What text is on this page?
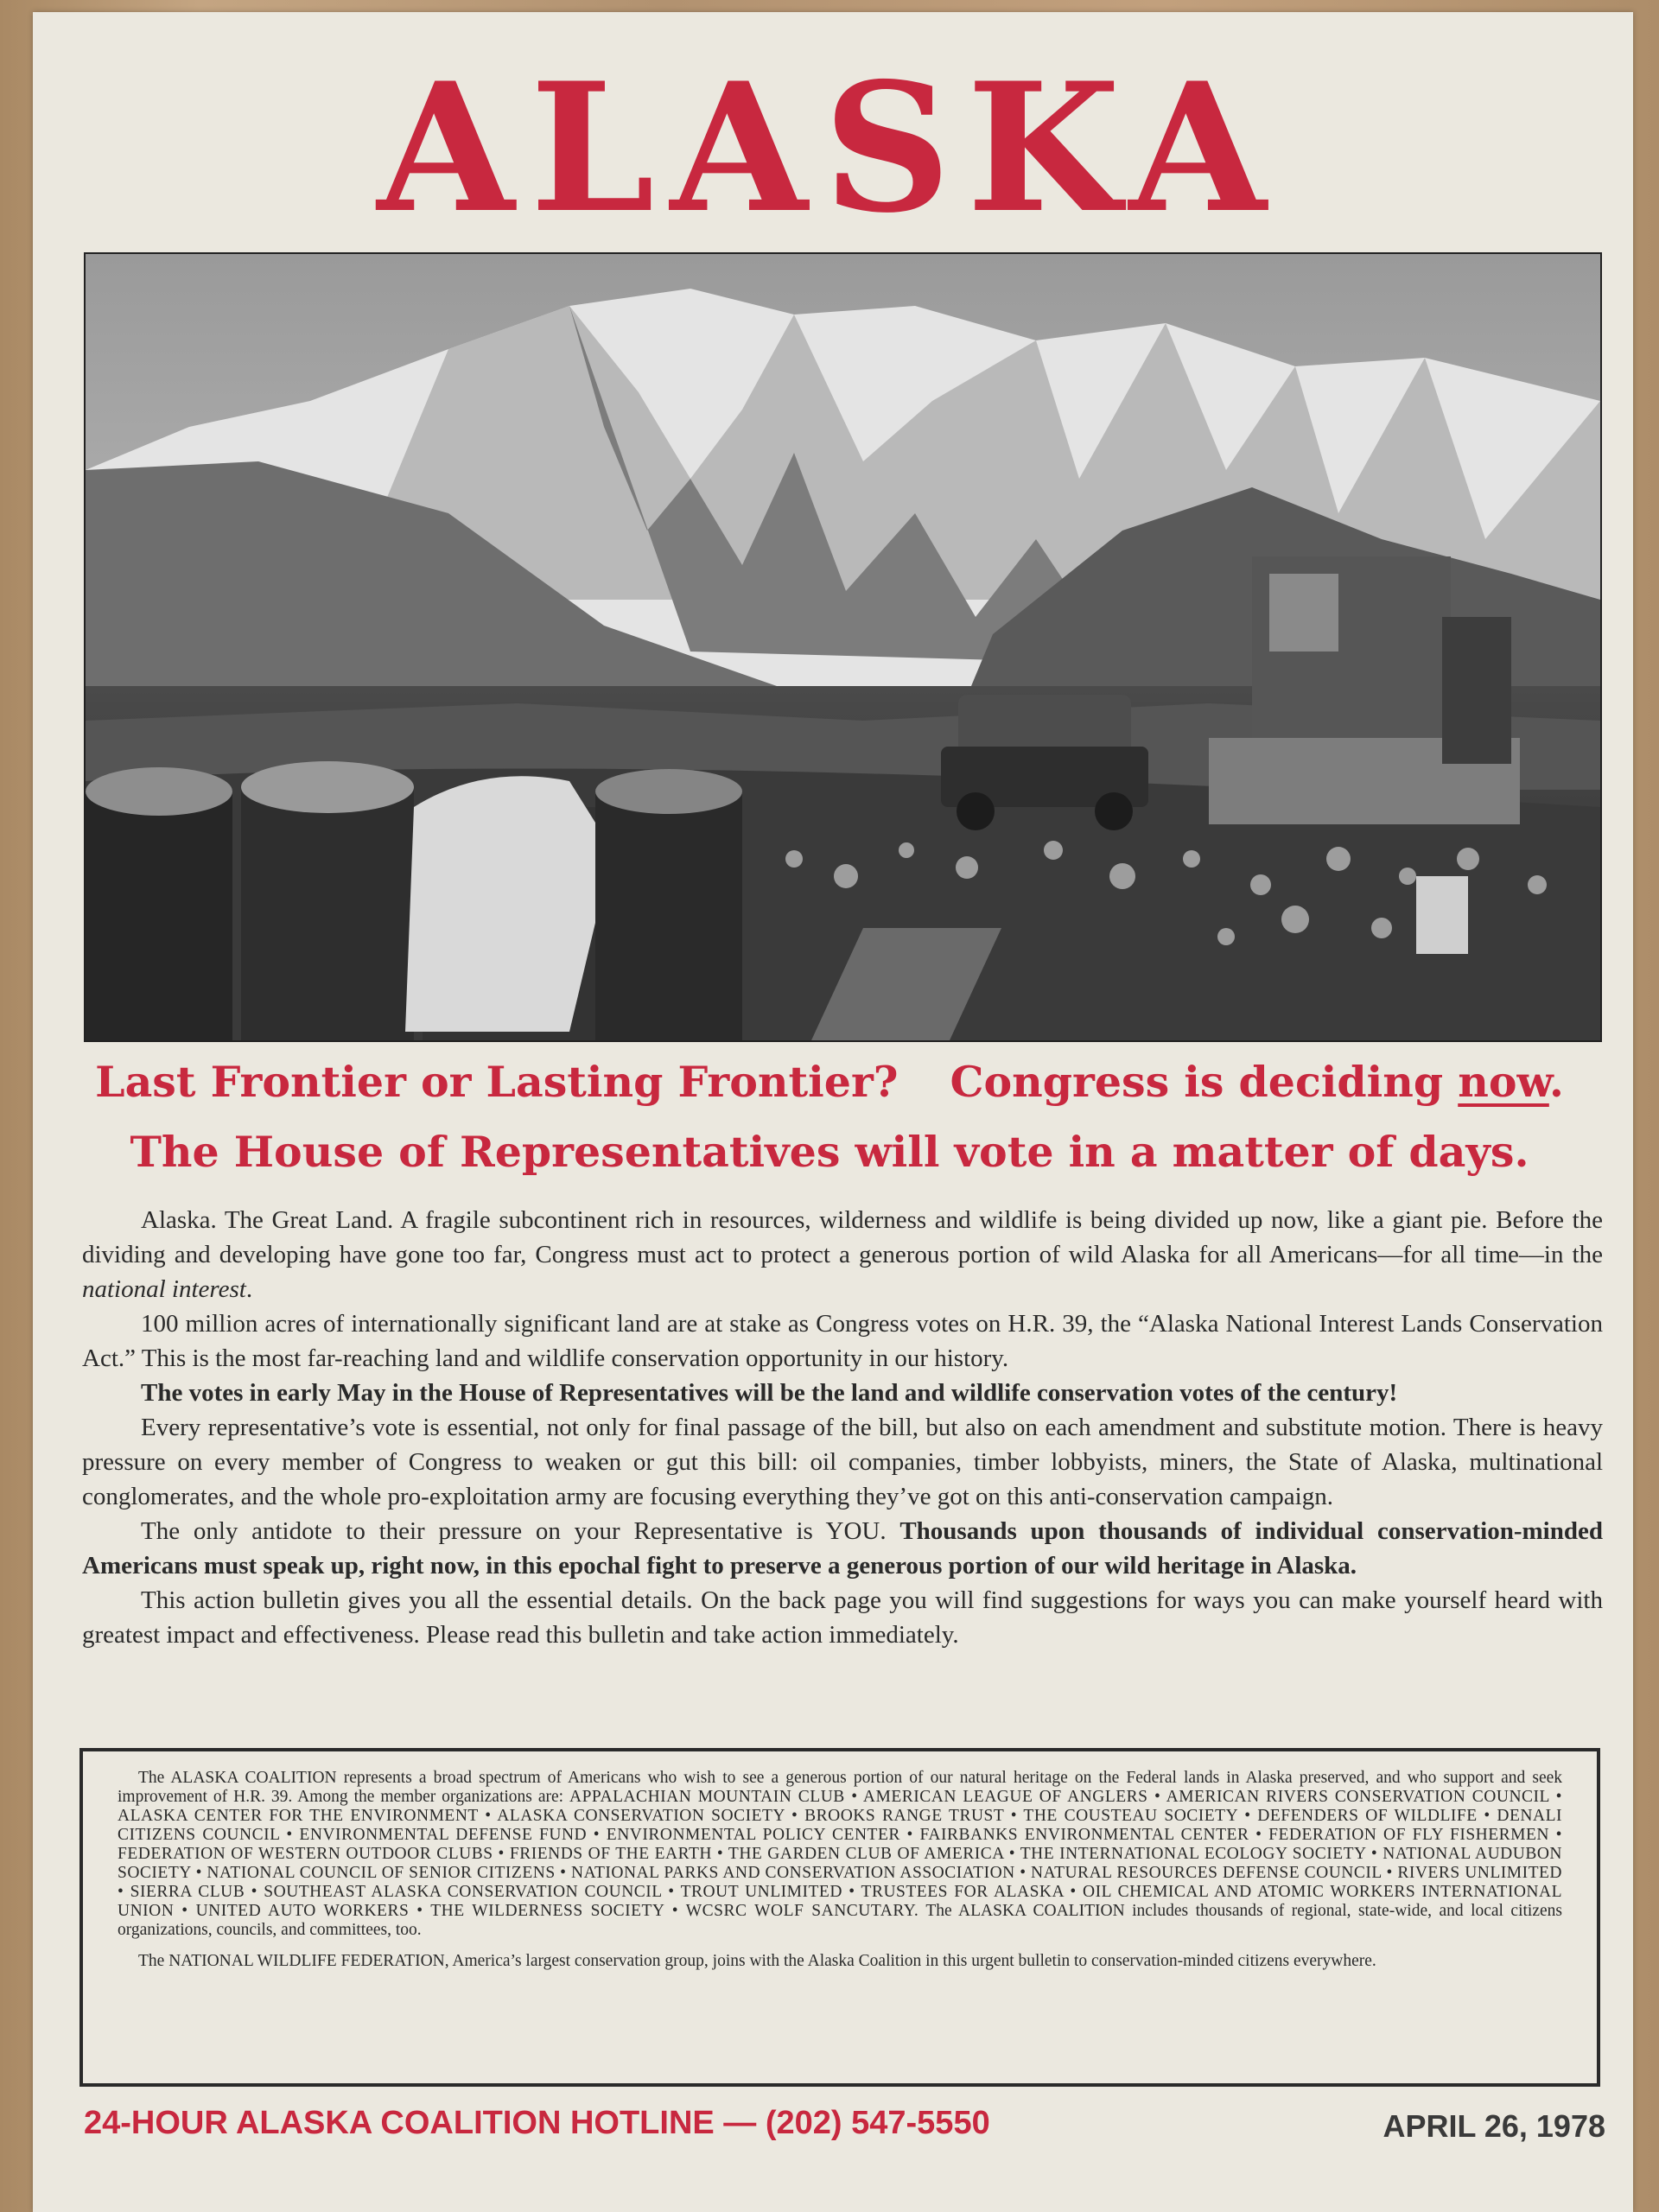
ALASKA
Last Frontier or Lasting Frontier? Congress is deciding now.
The House of Representatives will vote in a matter of days.

Alaska. The Great Land. A fragile subcontinent rich in resources, wilderness and wildlife is being divided up now, like a giant pie. Before the dividing and developing have gone too far, Congress must act to protect a generous portion of wild Alaska for all Americans—for all time—in the national interest.

100 million acres of internationally significant land are at stake as Congress votes on H.R. 39, the “Alaska National Interest Lands Conservation Act.” This is the most far-reaching land and wildlife conservation opportunity in our history.

The votes in early May in the House of Representatives will be the land and wildlife conservation votes of the century!

Every representative’s vote is essential, not only for final passage of the bill, but also on each amendment and substitute motion. There is heavy pressure on every member of Congress to weaken or gut this bill: oil companies, timber lobbyists, miners, the State of Alaska, multinational conglomerates, and the whole pro-exploitation army are focusing everything they’ve got on this anti-conservation campaign.

The only antidote to their pressure on your Representative is YOU. Thousands upon thousands of individual conservation-minded Americans must speak up, right now, in this epochal fight to preserve a generous portion of our wild heritage in Alaska.

This action bulletin gives you all the essential details. On the back page you will find suggestions for ways you can make yourself heard with greatest impact and effectiveness. Please read this bulletin and take action immediately.

The ALASKA COALITION represents a broad spectrum of Americans who wish to see a generous portion of our natural heritage on the Federal lands in Alaska preserved, and who support and seek improvement of H.R. 39. Among the member organizations are: APPALACHIAN MOUNTAIN CLUB • AMERICAN LEAGUE OF ANGLERS • AMERICAN RIVERS CONSERVATION COUNCIL • ALASKA CENTER FOR THE ENVIRONMENT • ALASKA CONSERVATION SOCIETY • BROOKS RANGE TRUST • THE COUSTEAU SOCIETY • DEFENDERS OF WILDLIFE • DENALI CITIZENS COUNCIL • ENVIRONMENTAL DEFENSE FUND • ENVIRONMENTAL POLICY CENTER • FAIRBANKS ENVIRONMENTAL CENTER • FEDERATION OF FLY FISHERMEN • FEDERATION OF WESTERN OUTDOOR CLUBS • FRIENDS OF THE EARTH • THE GARDEN CLUB OF AMERICA • THE INTERNATIONAL ECOLOGY SOCIETY • NATIONAL AUDUBON SOCIETY • NATIONAL COUNCIL OF SENIOR CITIZENS • NATIONAL PARKS AND CONSERVATION ASSOCIATION • NATURAL RESOURCES DEFENSE COUNCIL • RIVERS UNLIMITED • SIERRA CLUB • SOUTHEAST ALASKA CONSERVATION COUNCIL • TROUT UNLIMITED • TRUSTEES FOR ALASKA • OIL CHEMICAL AND ATOMIC WORKERS INTERNATIONAL UNION • UNITED AUTO WORKERS • THE WILDERNESS SOCIETY • WCSRC WOLF SANCUTARY. The ALASKA COALITION includes thousands of regional, state-wide, and local citizens organizations, councils, and committees, too.

The NATIONAL WILDLIFE FEDERATION, America’s largest conservation group, joins with the Alaska Coalition in this urgent bulletin to conservation-minded citizens everywhere.

24-HOUR ALASKA COALITION HOTLINE — (202) 547-5550	APRIL 26, 1978
